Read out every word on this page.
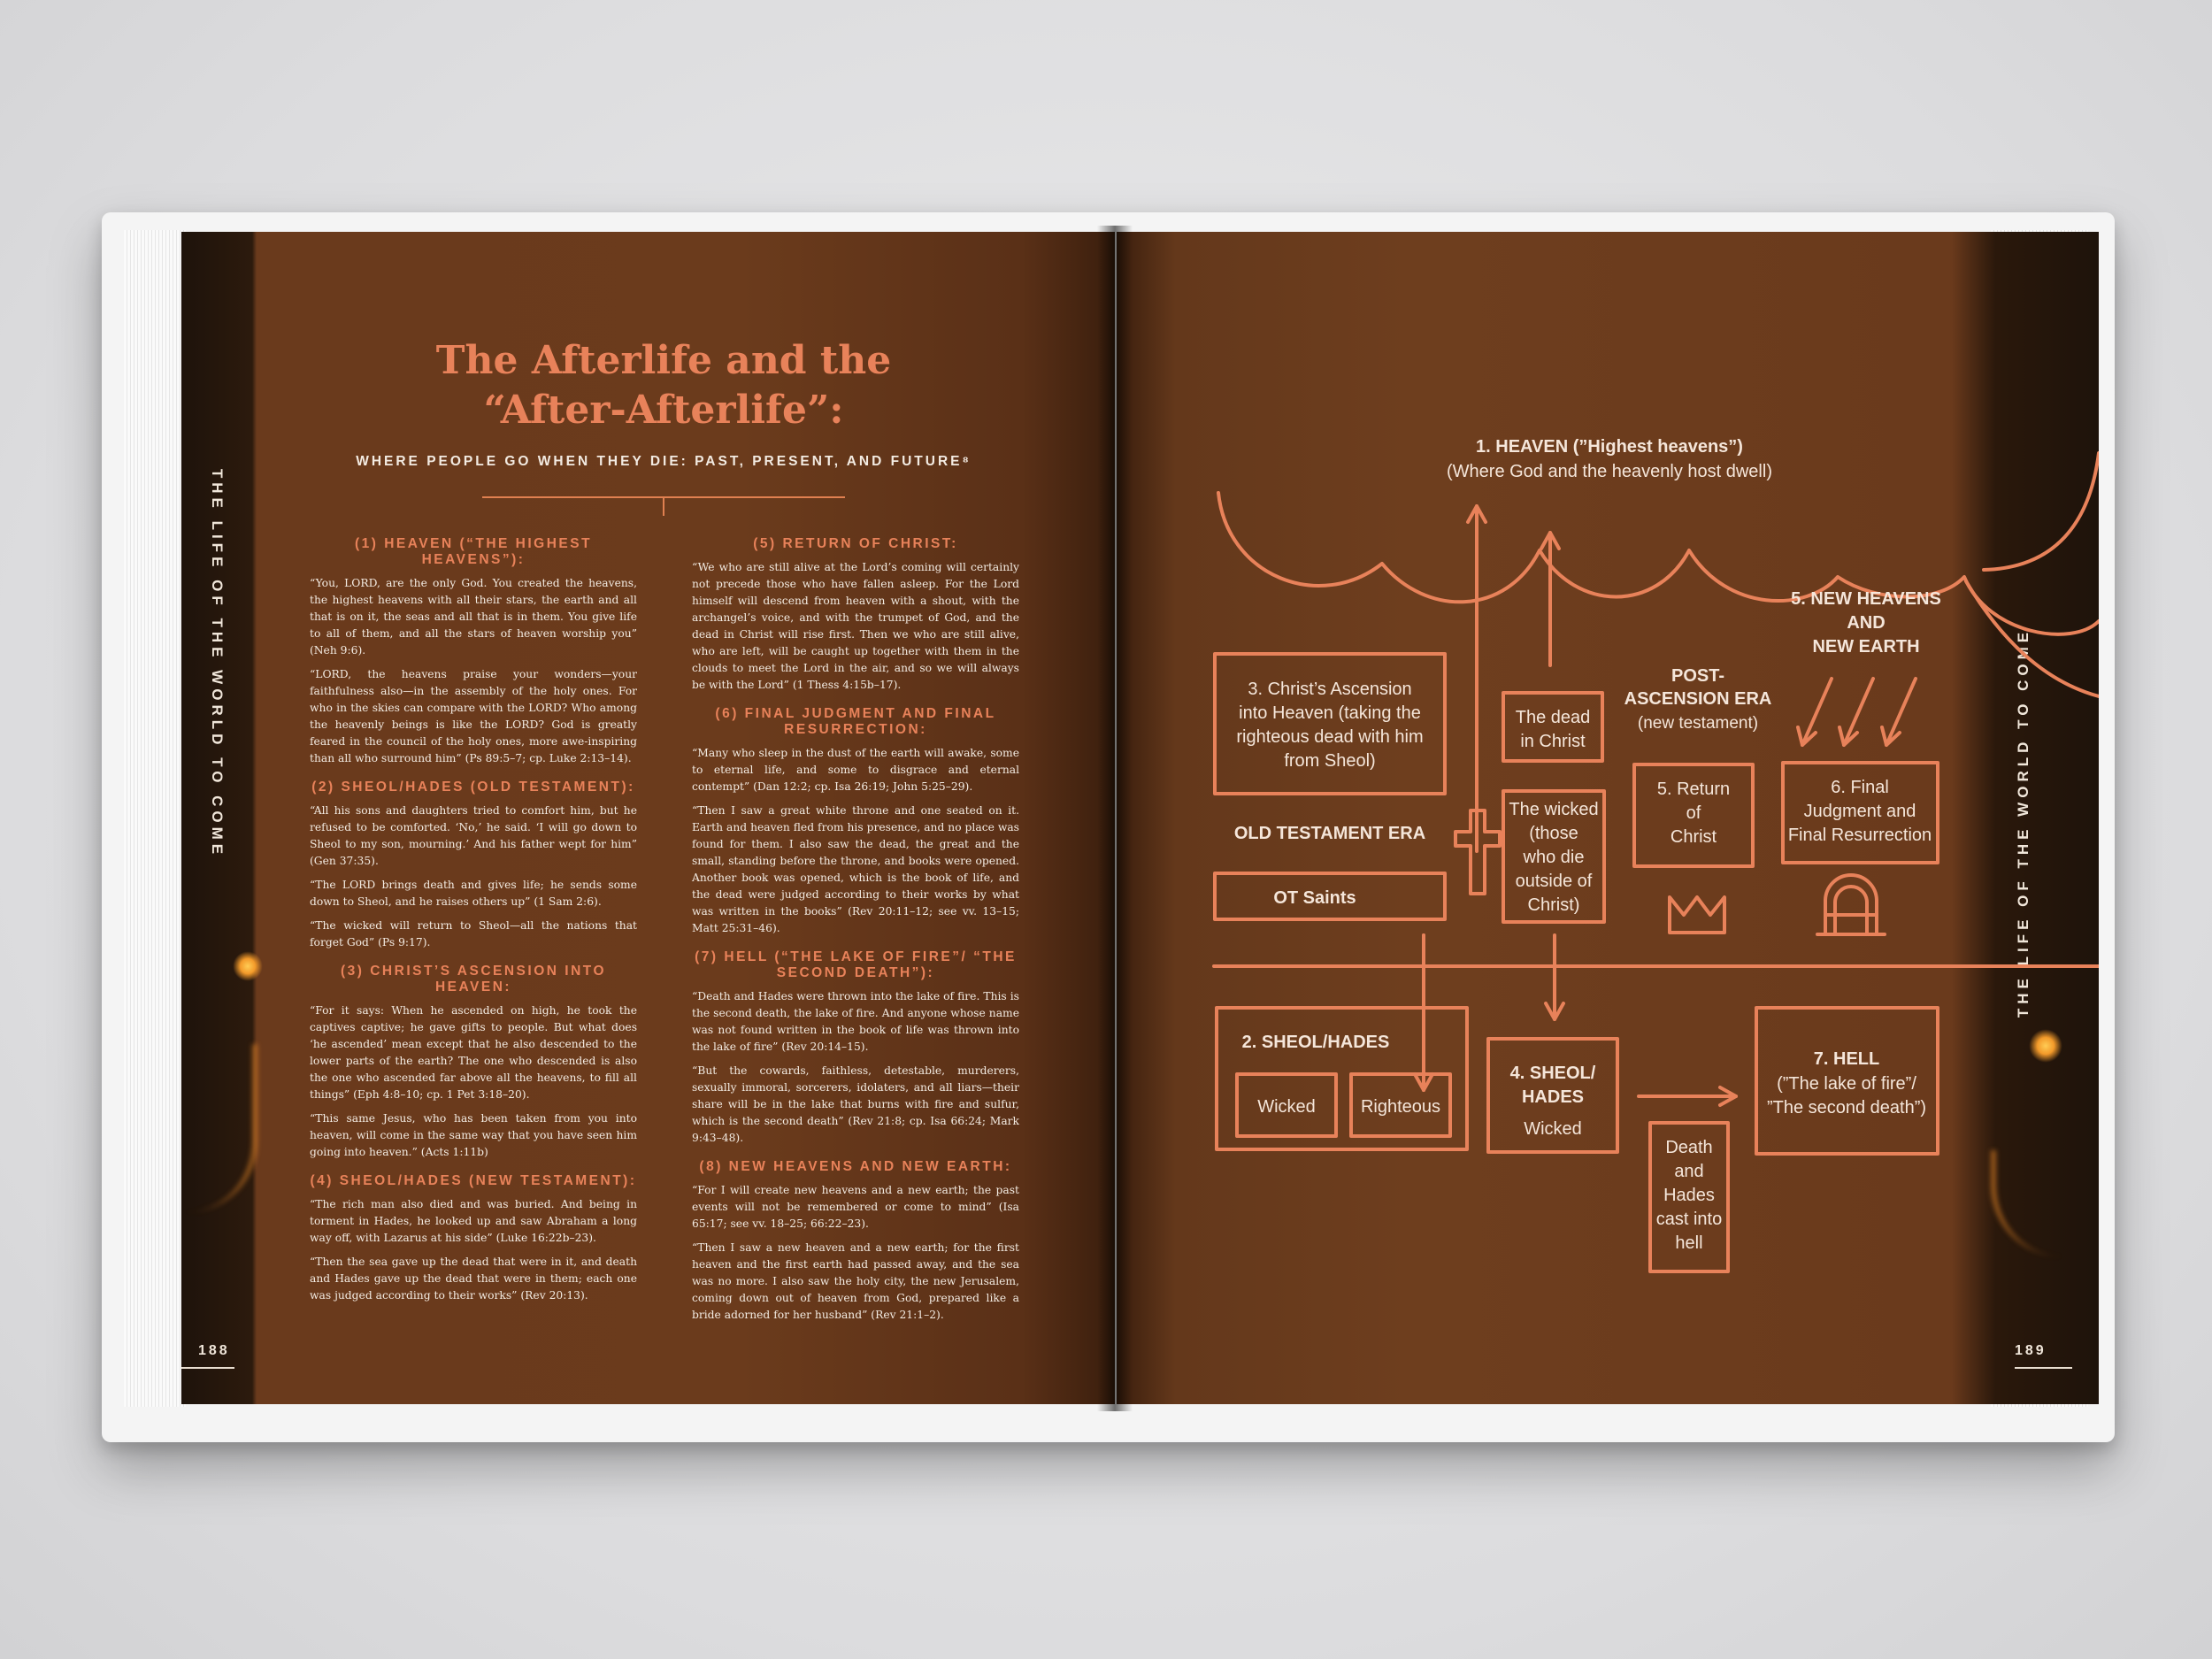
THE LIFE OF THE WORLD TO COME	THE LIFE OF THE WORLD TO COME
188	189
The Afterlife and the
“After-Afterlife”:
WHERE PEOPLE GO WHEN THEY DIE: PAST, PRESENT, AND FUTURE⁸
(1) HEAVEN (“THE HIGHEST HEAVENS”):

“You, LORD, are the only God. You created the heavens, the highest heavens with all their stars, the earth and all that is on it, the seas and all that is in them. You give life to all of them, and all the stars of heaven worship you” (Neh 9:6).

“LORD, the heavens praise your wonders—your faithfulness also—in the assembly of the holy ones. For who in the skies can compare with the LORD? Who among the heavenly beings is like the LORD? God is greatly feared in the council of the holy ones, more awe-inspiring than all who surround him” (Ps 89:5–7; cp. Luke 2:13–14).

(2) SHEOL/HADES (OLD TESTAMENT):

“All his sons and daughters tried to comfort him, but he refused to be comforted. ‘No,’ he said. ‘I will go down to Sheol to my son, mourning.’ And his father wept for him” (Gen 37:35).

“The LORD brings death and gives life; he sends some down to Sheol, and he raises others up” (1 Sam 2:6).

“The wicked will return to Sheol—all the nations that forget God” (Ps 9:17).

(3) CHRIST’S ASCENSION INTO HEAVEN:

“For it says: When he ascended on high, he took the captives captive; he gave gifts to people. But what does ‘he ascended’ mean except that he also descended to the lower parts of the earth? The one who descended is also the one who ascended far above all the heavens, to fill all things” (Eph 4:8–10; cp. 1 Pet 3:18–20).

“This same Jesus, who has been taken from you into heaven, will come in the same way that you have seen him going into heaven.” (Acts 1:11b)

(4) SHEOL/HADES (NEW TESTAMENT):

“The rich man also died and was buried. And being in torment in Hades, he looked up and saw Abraham a long way off, with Lazarus at his side” (Luke 16:22b–23).

“Then the sea gave up the dead that were in it, and death and Hades gave up the dead that were in them; each one was judged according to their works” (Rev 20:13).

(5) RETURN OF CHRIST:

“We who are still alive at the Lord’s coming will certainly not precede those who have fallen asleep. For the Lord himself will descend from heaven with a shout, with the archangel’s voice, and with the trumpet of God, and the dead in Christ will rise first. Then we who are still alive, who are left, will be caught up together with them in the clouds to meet the Lord in the air, and so we will always be with the Lord” (1 Thess 4:15b–17).

(6) FINAL JUDGMENT AND FINAL RESURRECTION:

“Many who sleep in the dust of the earth will awake, some to eternal life, and some to disgrace and eternal contempt” (Dan 12:2; cp. Isa 26:19; John 5:25–29).

“Then I saw a great white throne and one seated on it. Earth and heaven fled from his presence, and no place was found for them. I also saw the dead, the great and the small, standing before the throne, and books were opened. Another book was opened, which is the book of life, and the dead were judged according to their works by what was written in the books” (Rev 20:11–12; see vv. 13–15; Matt 25:31–46).

(7) HELL (“THE LAKE OF FIRE”/ “THE SECOND DEATH”):

“Death and Hades were thrown into the lake of fire. This is the second death, the lake of fire. And anyone whose name was not found written in the book of life was thrown into the lake of fire” (Rev 20:14–15).

“But the cowards, faithless, detestable, murderers, sexually immoral, sorcerers, idolaters, and all liars—their share will be in the lake that burns with fire and sulfur, which is the second death” (Rev 21:8; cp. Isa 66:24; Mark 9:43–48).

(8) NEW HEAVENS AND NEW EARTH:

“For I will create new heavens and a new earth; the past events will not be remembered or come to mind” (Isa 65:17; see vv. 18–25; 66:22–23).

“Then I saw a new heaven and a new earth; for the first heaven and the first earth had passed away, and the sea was no more. I also saw the holy city, the new Jerusalem, coming down out of heaven from God, prepared like a bride adorned for her husband” (Rev 21:1–2).

1. HEAVEN (”Highest heavens”)
(Where God and the heavenly host dwell)
5. NEW HEAVENS
AND
NEW EARTH
POST-
ASCENSION ERA
(new testament)
3. Christ’s Ascension
into Heaven (taking the
righteous dead with him
from Sheol)
The dead
in Christ
5. Return
of
Christ
6. Final
Judgment and
Final Resurrection
OLD TESTAMENT ERA
OT Saints
The wicked
(those
who die
outside of
Christ)
2. SHEOL/HADES
Wicked	Righteous
4. SHEOL/
HADES
Wicked
Death
and
Hades
cast into
hell
7. HELL
(”The lake of fire”/
”The second death”)
